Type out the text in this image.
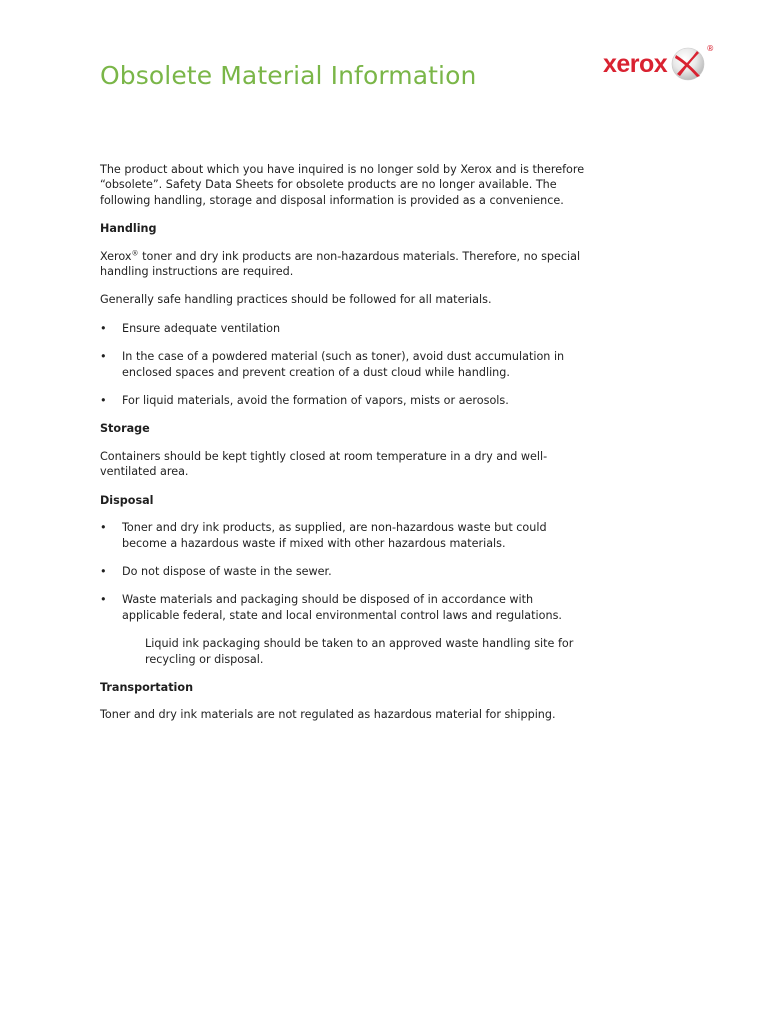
Obsolete Material Information	xerox
®

The product about which you have inquired is no longer sold by Xerox and is therefore “obsolete”. Safety Data Sheets for obsolete products are no longer available. The following handling, storage and disposal information is provided as a convenience.

Handling

Xerox® toner and dry ink products are non-hazardous materials. Therefore, no special handling instructions are required.

Generally safe handling practices should be followed for all materials.

• Ensure adequate ventilation
• In the case of a powdered material (such as toner), avoid dust accumulation in enclosed spaces and prevent creation of a dust cloud while handling.
• For liquid materials, avoid the formation of vapors, mists or aerosols.

Storage

Containers should be kept tightly closed at room temperature in a dry and well-ventilated area.

Disposal

• Toner and dry ink products, as supplied, are non-hazardous waste but could become a hazardous waste if mixed with other hazardous materials.
• Do not dispose of waste in the sewer.
• Waste materials and packaging should be disposed of in accordance with applicable federal, state and local environmental control laws and regulations.

Liquid ink packaging should be taken to an approved waste handling site for recycling or disposal.

Transportation

Toner and dry ink materials are not regulated as hazardous material for shipping.
